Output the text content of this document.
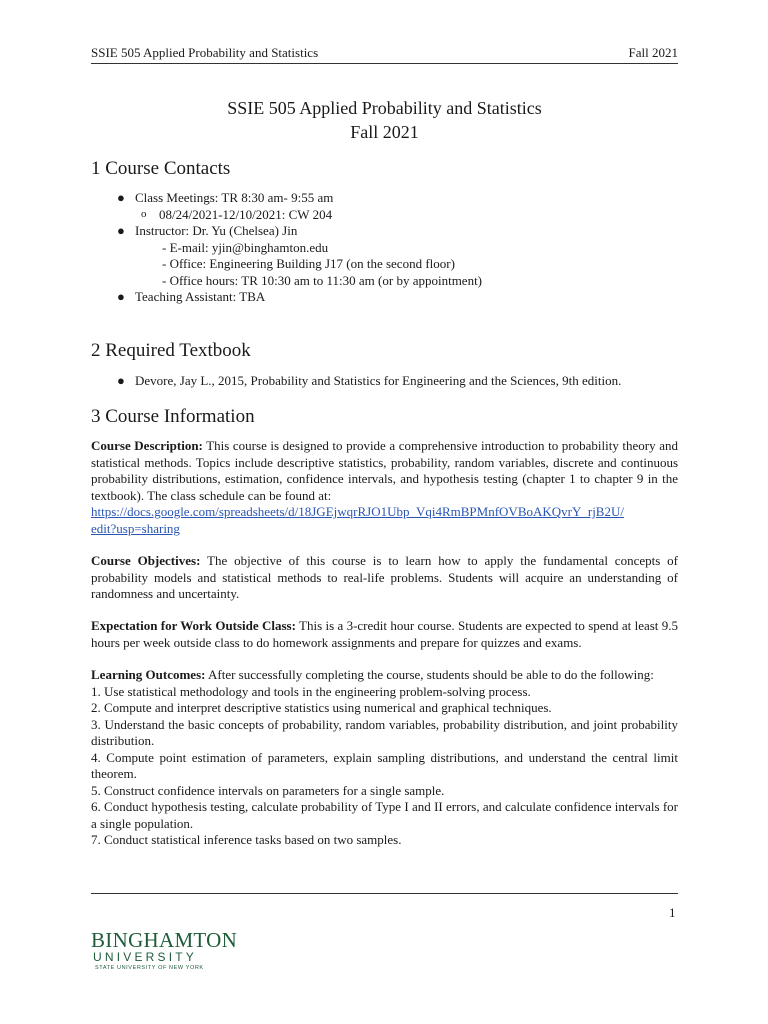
SSIE 505 Applied Probability and Statistics	Fall 2021
SSIE 505 Applied Probability and Statistics
Fall 2021
1 Course Contacts
● Class Meetings: TR 8:30 am- 9:55 am
o 08/24/2021-12/10/2021: CW 204
● Instructor: Dr. Yu (Chelsea) Jin
- E-mail: yjin@binghamton.edu
- Office: Engineering Building J17 (on the second floor)
- Office hours: TR 10:30 am to 11:30 am (or by appointment)
● Teaching Assistant: TBA
2 Required Textbook
● Devore, Jay L., 2015, Probability and Statistics for Engineering and the Sciences, 9th edition.
3 Course Information
Course Description: This course is designed to provide a comprehensive introduction to probability theory and statistical methods. Topics include descriptive statistics, probability, random variables, discrete and continuous probability distributions, estimation, confidence intervals, and hypothesis testing (chapter 1 to chapter 9 in the textbook). The class schedule can be found at:
https://docs.google.com/spreadsheets/d/18JGEjwqrRJO1Ubp_Vqi4RmBPMnfOVBoAKQvrY_rjB2U/
edit?usp=sharing
Course Objectives: The objective of this course is to learn how to apply the fundamental concepts of probability models and statistical methods to real-life problems. Students will acquire an understanding of randomness and uncertainty.
Expectation for Work Outside Class: This is a 3-credit hour course. Students are expected to spend at least 9.5 hours per week outside class to do homework assignments and prepare for quizzes and exams.
Learning Outcomes: After successfully completing the course, students should be able to do the following:
1. Use statistical methodology and tools in the engineering problem-solving process.
2. Compute and interpret descriptive statistics using numerical and graphical techniques.
3. Understand the basic concepts of probability, random variables, probability distribution, and joint probability distribution.
4. Compute point estimation of parameters, explain sampling distributions, and understand the central limit theorem.
5. Construct confidence intervals on parameters for a single sample.
6. Conduct hypothesis testing, calculate probability of Type I and II errors, and calculate confidence intervals for a single population.
7. Conduct statistical inference tasks based on two samples.
1
BINGHAMTON
UNIVERSITY
STATE UNIVERSITY OF NEW YORK
